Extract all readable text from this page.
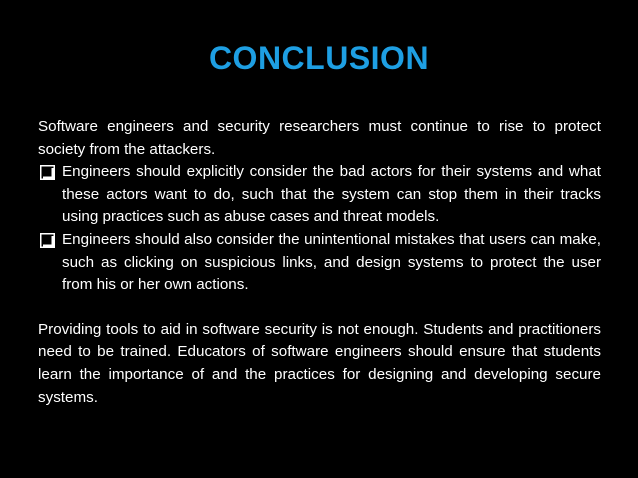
CONCLUSION

Software engineers and security researchers must continue to rise to protect society from the attackers.

Engineers should explicitly consider the bad actors for their systems and what these actors want to do, such that the system can stop them in their tracks using practices such as abuse cases and threat models.
Engineers should also consider the unintentional mistakes that users can make, such as clicking on suspicious links, and design systems to protect the user from his or her own actions.

Providing tools to aid in software security is not enough. Students and practitioners need to be trained. Educators of software engineers should ensure that students learn the importance of and the practices for designing and developing secure systems.
